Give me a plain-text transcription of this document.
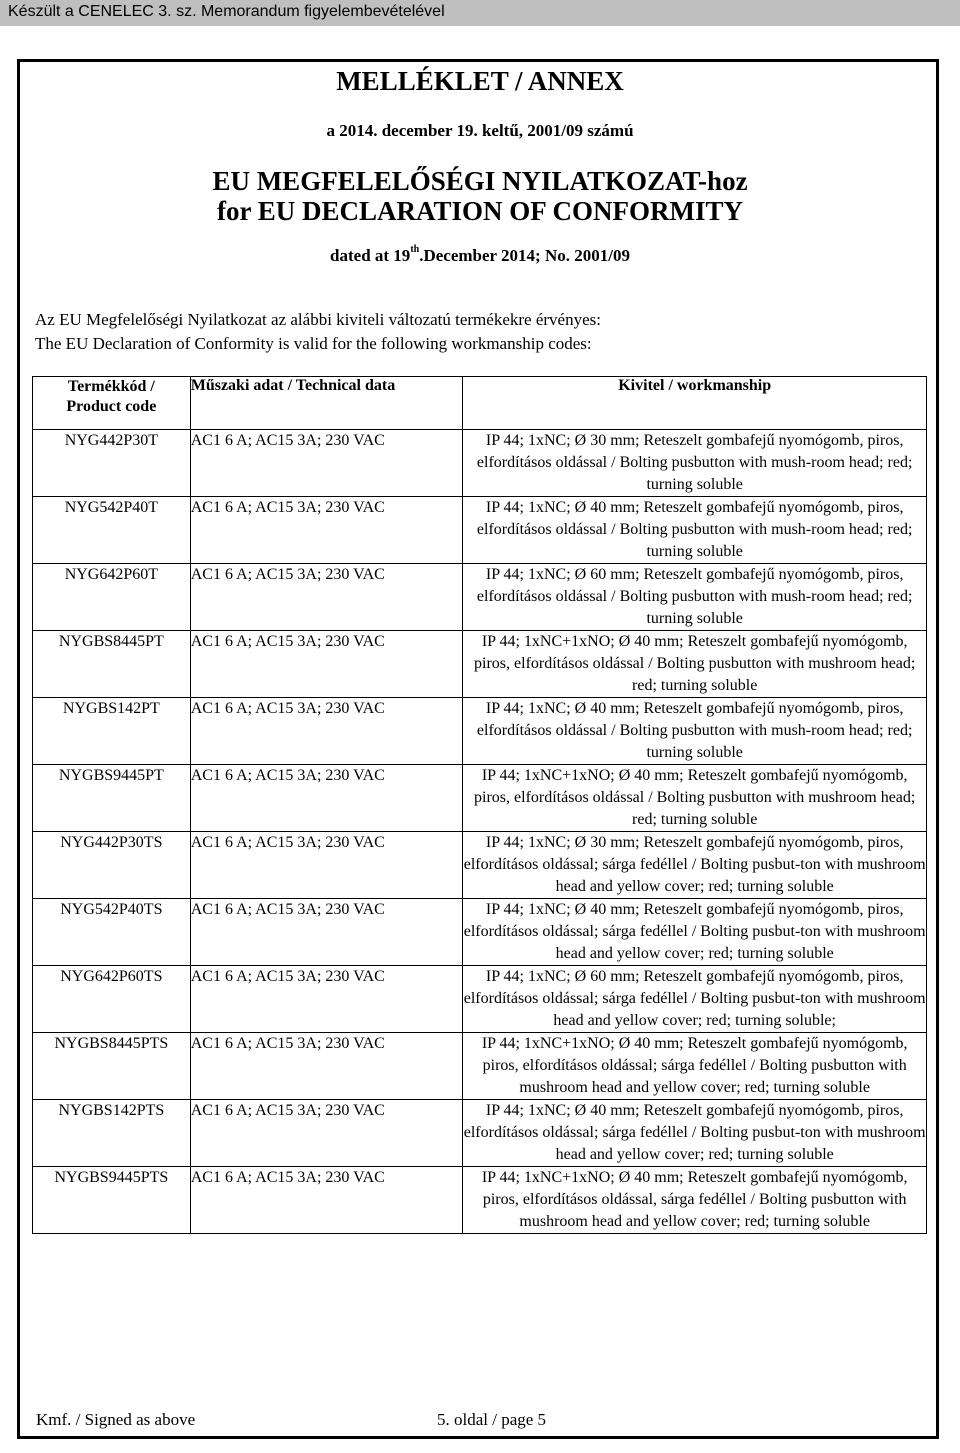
Készült a CENELEC 3. sz. Memorandum figyelembevételével
MELLÉKLET / ANNEX
a 2014. december 19. keltű, 2001/09 számú
EU MEGFELELŐSÉGI NYILATKOZAT-hoz
for EU DECLARATION OF CONFORMITY
dated at 19th.December 2014; No. 2001/09
Az EU Megfelelőségi Nyilatkozat az alábbi kiviteli változatú termékekre érvényes:
The EU Declaration of Conformity is valid for the following workmanship codes:
Termékkód /
Product code	Műszaki adat / Technical data	Kivitel / workmanship
NYG442P30T	AC1 6 A; AC15 3A; 230 VAC	IP 44; 1xNC; Ø 30 mm; Reteszelt gombafejű nyomógomb, piros, elfordításos oldással / Bolting pusbutton with mush-room head; red; turning soluble
NYG542P40T	AC1 6 A; AC15 3A; 230 VAC	IP 44; 1xNC; Ø 40 mm; Reteszelt gombafejű nyomógomb, piros, elfordításos oldással / Bolting pusbutton with mush-room head; red; turning soluble
NYG642P60T	AC1 6 A; AC15 3A; 230 VAC	IP 44; 1xNC; Ø 60 mm; Reteszelt gombafejű nyomógomb, piros, elfordításos oldással / Bolting pusbutton with mush-room head; red; turning soluble
NYGBS8445PT	AC1 6 A; AC15 3A; 230 VAC	IP 44; 1xNC+1xNO; Ø 40 mm; Reteszelt gombafejű nyomógomb, piros, elfordításos oldással / Bolting pusbutton with mushroom head; red; turning soluble
NYGBS142PT	AC1 6 A; AC15 3A; 230 VAC	IP 44; 1xNC; Ø 40 mm; Reteszelt gombafejű nyomógomb, piros, elfordításos oldással / Bolting pusbutton with mush-room head; red; turning soluble
NYGBS9445PT	AC1 6 A; AC15 3A; 230 VAC	IP 44; 1xNC+1xNO; Ø 40 mm; Reteszelt gombafejű nyomógomb, piros, elfordításos oldással / Bolting pusbutton with mushroom head; red; turning soluble
NYG442P30TS	AC1 6 A; AC15 3A; 230 VAC	IP 44; 1xNC; Ø 30 mm; Reteszelt gombafejű nyomógomb, piros, elfordításos oldással; sárga fedéllel / Bolting pusbut-ton with mushroom head and yellow cover; red; turning soluble
NYG542P40TS	AC1 6 A; AC15 3A; 230 VAC	IP 44; 1xNC; Ø 40 mm; Reteszelt gombafejű nyomógomb, piros, elfordításos oldással; sárga fedéllel / Bolting pusbut-ton with mushroom head and yellow cover; red; turning soluble
NYG642P60TS	AC1 6 A; AC15 3A; 230 VAC	IP 44; 1xNC; Ø 60 mm; Reteszelt gombafejű nyomógomb, piros, elfordításos oldással; sárga fedéllel / Bolting pusbut-ton with mushroom head and yellow cover; red; turning soluble;
NYGBS8445PTS	AC1 6 A; AC15 3A; 230 VAC	IP 44; 1xNC+1xNO; Ø 40 mm; Reteszelt gombafejű nyomógomb, piros, elfordításos oldással; sárga fedéllel / Bolting pusbutton with mushroom head and yellow cover; red; turning soluble
NYGBS142PTS	AC1 6 A; AC15 3A; 230 VAC	IP 44; 1xNC; Ø 40 mm; Reteszelt gombafejű nyomógomb, piros, elfordításos oldással; sárga fedéllel / Bolting pusbut-ton with mushroom head and yellow cover; red; turning soluble
NYGBS9445PTS	AC1 6 A; AC15 3A; 230 VAC	IP 44; 1xNC+1xNO; Ø 40 mm; Reteszelt gombafejű nyomógomb, piros, elfordításos oldással, sárga fedéllel / Bolting pusbutton with mushroom head and yellow cover; red; turning soluble
Kmf. / Signed as above	5. oldal / page 5
